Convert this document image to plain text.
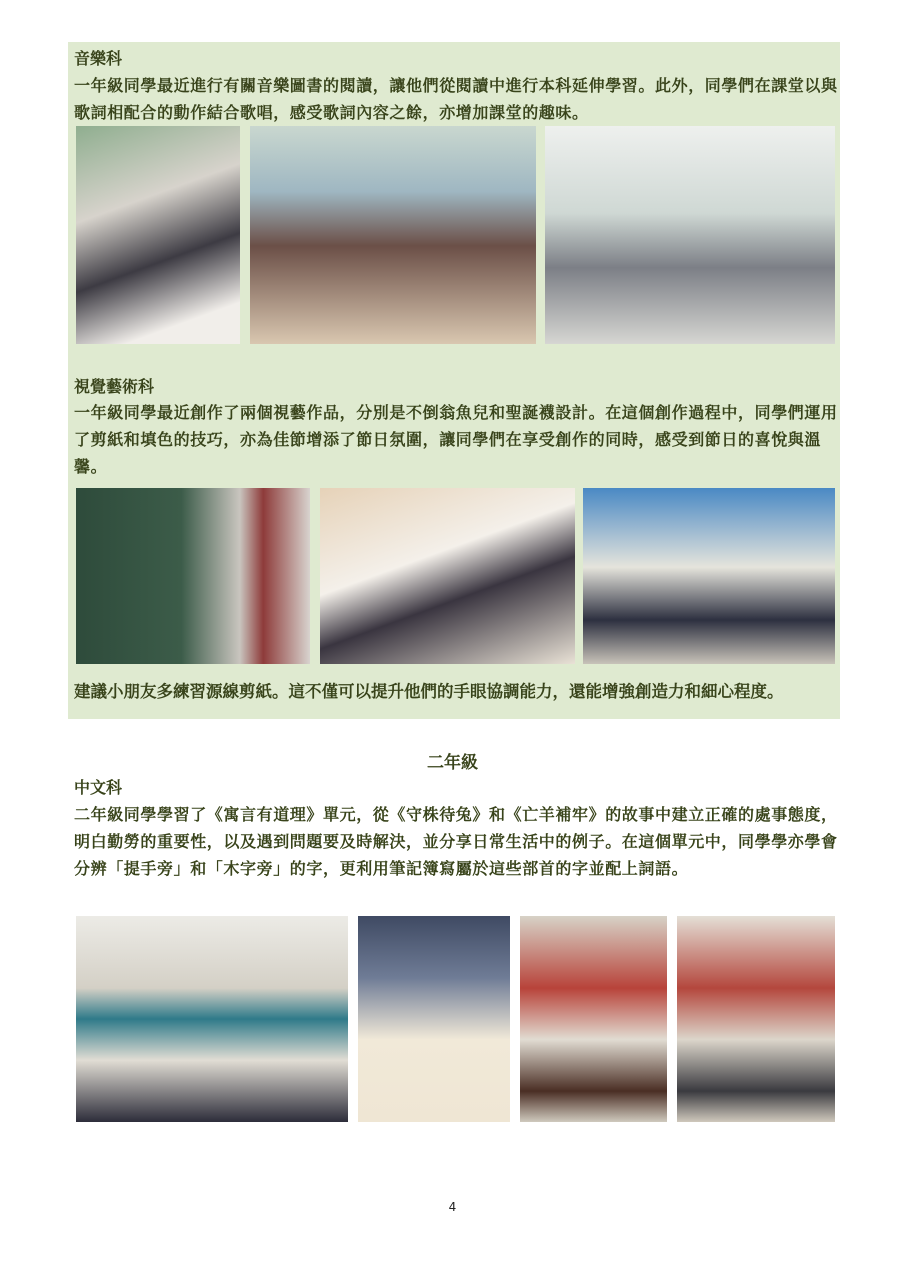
音樂科
一年級同學最近進行有關音樂圖書的閱讀，讓他們從閱讀中進行本科延伸學習。此外，同學們在課堂以與歌詞相配合的動作結合歌唱，感受歌詞內容之餘，亦增加課堂的趣味。
視覺藝術科
一年級同學最近創作了兩個視藝作品，分別是不倒翁魚兒和聖誕襪設計。在這個創作過程中，同學們運用了剪紙和填色的技巧，亦為佳節增添了節日氛圍，讓同學們在享受創作的同時，感受到節日的喜悅與溫馨。
建議小朋友多練習源線剪紙。這不僅可以提升他們的手眼協調能力，還能增強創造力和細心程度。
二年級
中文科
二年級同學學習了《寓言有道理》單元，從《守株待兔》和《亡羊補牢》的故事中建立正確的處事態度，明白勤勞的重要性，以及遇到問題要及時解決，並分享日常生活中的例子。在這個單元中，同學學亦學會分辨「提手旁」和「木字旁」的字，更利用筆記簿寫屬於這些部首的字並配上詞語。
4
